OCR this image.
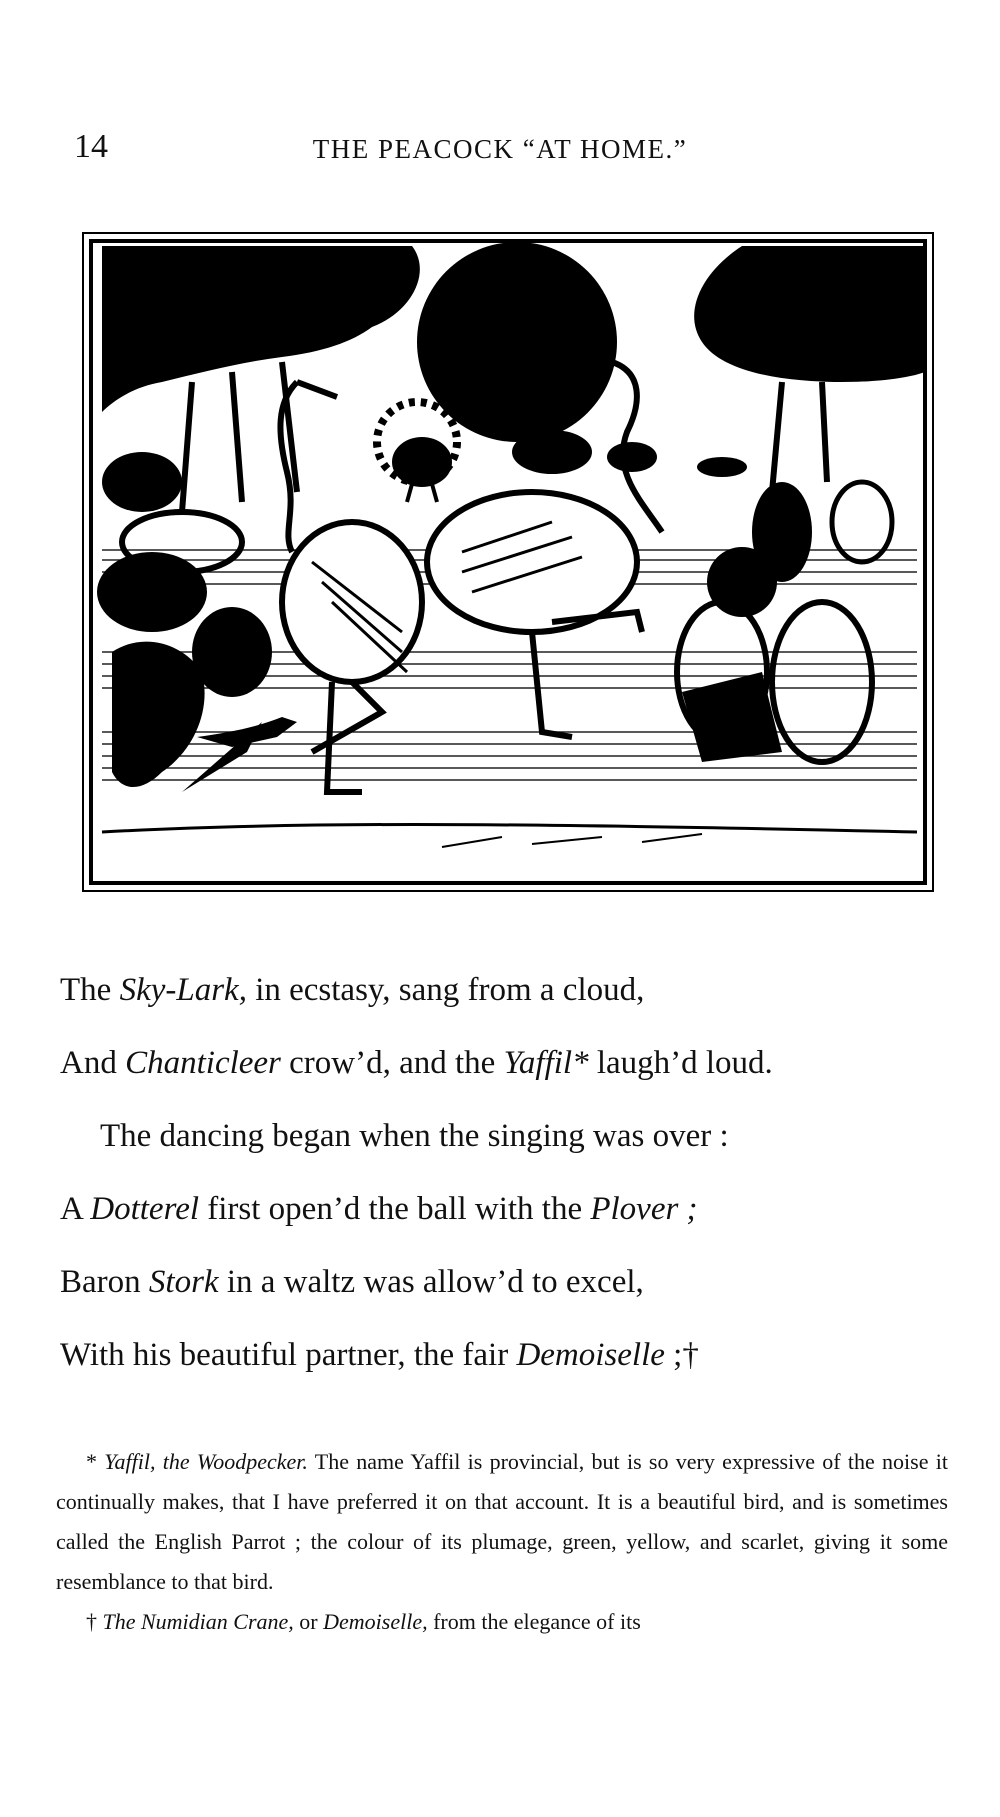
14	THE PEACOCK “AT HOME.”
The Sky-Lark, in ecstasy, sang from a cloud,
And Chanticleer crow’d, and the Yaffil* laugh’d loud.
The dancing began when the singing was over :
A Dotterel first open’d the ball with the Plover ;
Baron Stork in a waltz was allow’d to excel,
With his beautiful partner, the fair Demoiselle ;†

* Yaffil, the Woodpecker. The name Yaffil is provincial, but is so very expressive of the noise it continually makes, that I have preferred it on that account. It is a beautiful bird, and is sometimes called the English Parrot ; the colour of its plumage, green, yellow, and scarlet, giving it some resemblance to that bird.

† The Numidian Crane, or Demoiselle, from the elegance of its
